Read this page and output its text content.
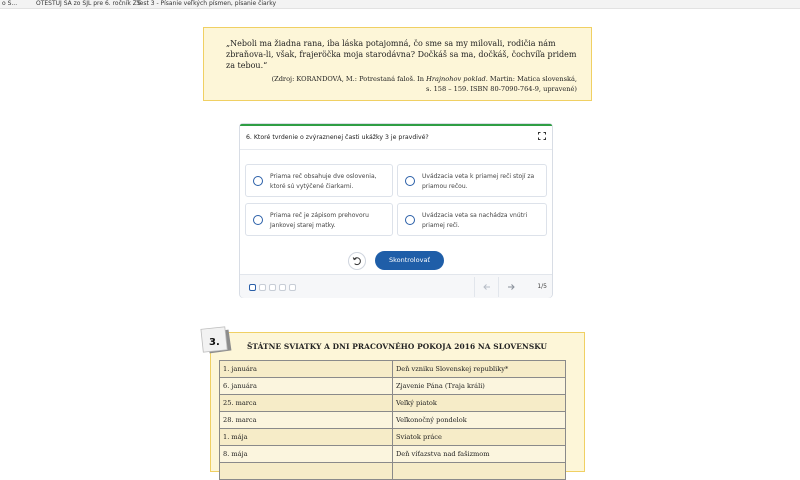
o S...	OTESTUJ SA zo SJL pre 6. ročník ZŠ
Test 3 - Písanie veľkých písmen, písanie čiarky

„Neboli ma žiadna rana, iba láska potajomná, čo sme sa my milovali, rodičia nám zbraňova-li, však, frajeröčka moja starodávna? Dočkáš sa ma, dočkáš, čochvíľa pridem za tebou.“

(Zdroj: KORANDOVÁ, M.: Potrestaná faloš. In Hrajnohov poklad. Martin: Matica slovenská,
s. 158 – 159. ISBN 80-7090-764-9, upravené)

6. Ktoré tvrdenie o zvýraznenej časti ukážky 3 je pravdivé?
Priama reč obsahuje dve oslovenia, ktoré sú vytýčené čiarkami.
Uvádzacia veta k priamej reči stojí za priamou rečou.
Priama reč je zápisom prehovoru Jankovej starej matky.
Uvádzacia veta sa nachádza vnútri priamej reči.
Skontrolovať
1/5
ŠTÁTNE SVIATKY A DNI PRACOVNÉHO POKOJA 2016 NA SLOVENSKU
1. januára	Deň vzniku Slovenskej republiky*
6. januára	Zjavenie Pána (Traja králi)
25. marca	Veľký piatok
28. marca	Veľkonočný pondelok
1. mája	Sviatok práce
8. mája	Deň víťazstva nad fašizmom

3.
